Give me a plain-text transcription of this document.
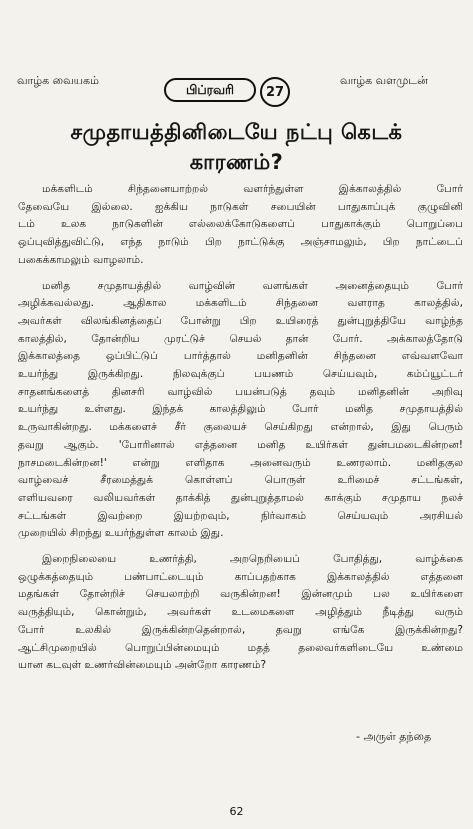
வாழ்க வையகம்
பிப்ரவரி	27
வாழ்க வளமுடன்
சமுதாயத்தினிடையே நட்பு கெடக்
காரணம்?

மக்களிடம் சிந்தனையாற்றல் வளர்ந்துள்ள இக்காலத்தில் போர்

தேவையே இல்லை. ஐக்கிய நாடுகள் சபையின் பாதுகாப்புக் குழுவினி

டம் உலக நாடுகளின் எல்லைக்கோடுகளைப் பாதுகாக்கும் பொறுப்பை

ஒப்புவித்துவிட்டு, எந்த நாடும் பிற நாட்டுக்கு அஞ்சாமலும், பிற நாட்டைப்

பகைக்காமலும் வாழலாம்.

மனித சமுதாயத்தில் வாழ்வின் வளங்கள் அனைத்தையும் போர்

அழிக்கவல்லது. ஆதிகால மக்களிடம் சிந்தனை வளராத காலத்தில்,

அவர்கள் விலங்கினத்தைப் போன்று பிற உயிரைத் துன்புறுத்தியே வாழ்ந்த

காலத்தில், தோன்றிய முரட்டுச் செயல் தான் போர். அக்காலத்தோடு

இக்காலத்தை ஒப்பிட்டுப் பார்த்தால் மனிதனின் சிந்தனை எவ்வளவோ

உயர்ந்து இருக்கிறது. நிலவுக்குப் பயணம் செய்யவும், கம்ப்யூட்டர்

சாதனங்களைத் தினசரி வாழ்வில் பயன்படுத் தவும் மனிதனின் அறிவு

உயர்ந்து உள்ளது. இந்தக் காலத்திலும் போர் மனித சமுதாயத்தில்

உருவாகின்றது. மக்களைச் சீர் குலையச் செய்கிறது என்றால், இது பெரும்

தவறு ஆகும். 'போரினால் எத்தனை மனித உயிர்கள் துன்பமடைகின்றன!

நாசமடைகின்றன!' என்று எளிதாக அனைவரும் உணரலாம். மனிதகுல

வாழ்வைச் சீரமைத்துக் கொள்ளப் பொருள் உரிமைச் சட்டங்கள்,

எளியவரை வலியவர்கள் தாக்கித் துன்புறுத்தாமல் காக்கும் சமுதாய நலச்

சட்டங்கள் இவற்றை இயற்றவும், நிர்வாகம் செய்யவும் அரசியல்

முறையில் சிறந்து உயர்ந்துள்ள காலம் இது.

இறைநிலையை உணர்த்தி, அறநெறியைப் போதித்து, வாழ்க்கை

ஒழுக்கத்தையும் பண்பாட்டையும் காப்பதற்காக இக்காலத்தில் எத்தனை

மதங்கள் தோன்றிச் செயலாற்றி வருகின்றன! இன்னமும் பல உயிர்களை

வருத்தியும், கொன்றும், அவர்கள் உடமைகளை அழித்தும் நீடித்து வரும்

போர் உலகில் இருக்கின்றதென்றால், தவறு எங்கே இருக்கின்றது?

ஆட்சிமுறையில் பொறுப்பின்மையும் மதத் தலைவர்களிடையே உண்மை

யான கடவுள் உணர்வின்மையும் அன்றோ காரணம்?

- அருள் தந்தை
62
